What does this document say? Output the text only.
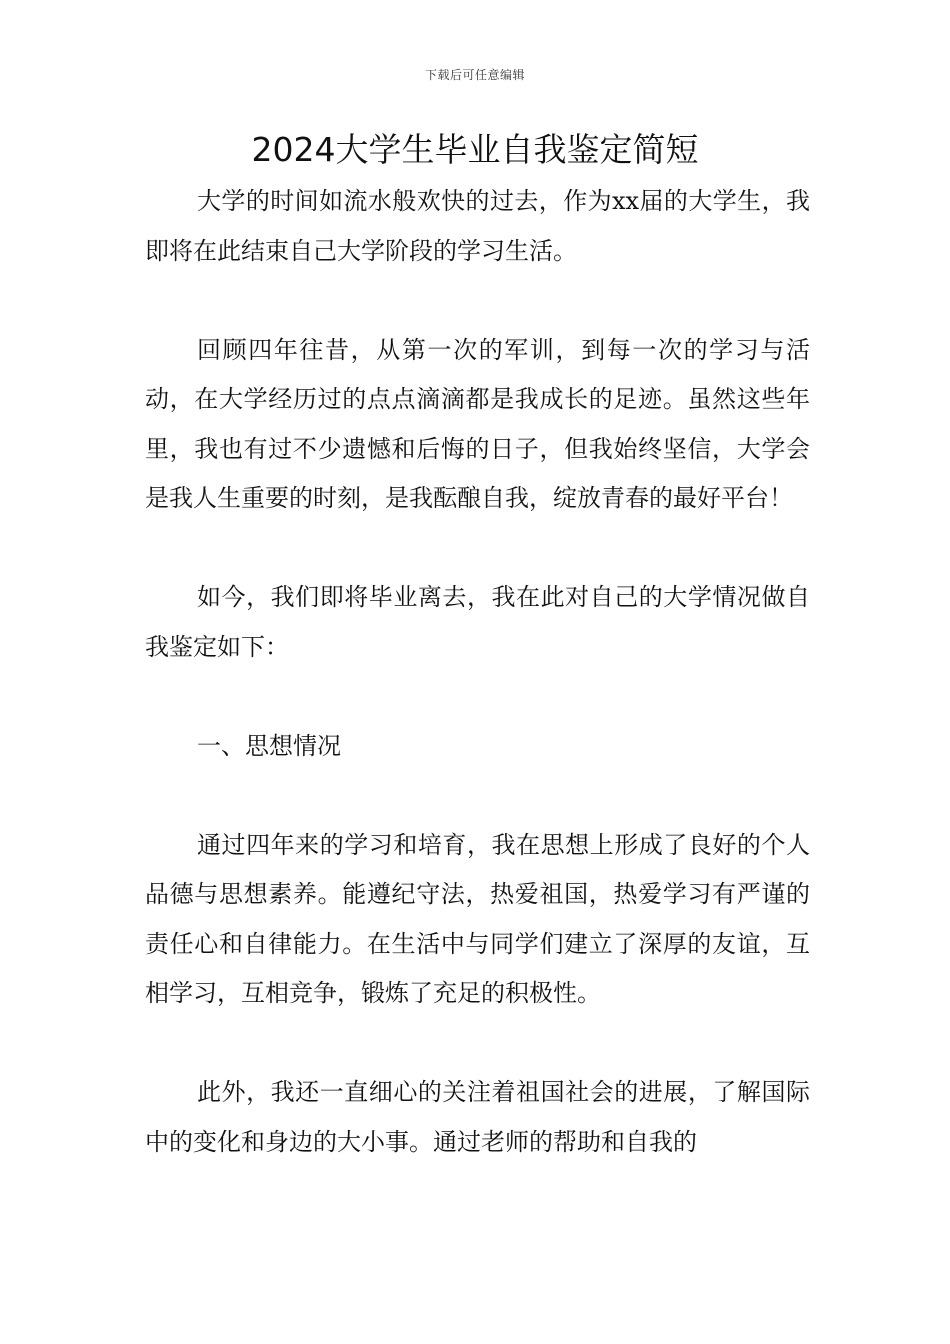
下载后可任意编辑
2024大学生毕业自我鉴定简短

大学的时间如流水般欢快的过去，作为xx届的大学生，我即将在此结束自己大学阶段的学习生活。

回顾四年往昔，从第一次的军训，到每一次的学习与活动，在大学经历过的点点滴滴都是我成长的足迹。虽然这些年里，我也有过不少遗憾和后悔的日子，但我始终坚信，大学会是我人生重要的时刻，是我酝酿自我，绽放青春的最好平台！

如今，我们即将毕业离去，我在此对自己的大学情况做自我鉴定如下：

一、思想情况

通过四年来的学习和培育，我在思想上形成了良好的个人品德与思想素养。能遵纪守法，热爱祖国，热爱学习有严谨的责任心和自律能力。在生活中与同学们建立了深厚的友谊，互相学习，互相竞争，锻炼了充足的积极性。

此外，我还一直细心的关注着祖国社会的进展，了解国际中的变化和身边的大小事。通过老师的帮助和自我的
